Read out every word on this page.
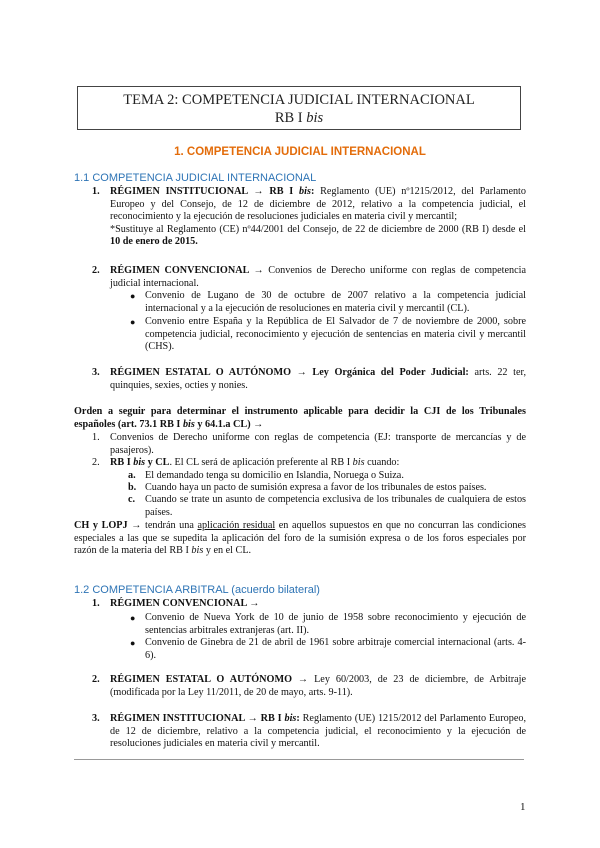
TEMA 2: COMPETENCIA JUDICIAL INTERNACIONAL
RB I bis
1. COMPETENCIA JUDICIAL INTERNACIONAL
1.1 COMPETENCIA JUDICIAL INTERNACIONAL
1. RÉGIMEN INSTITUCIONAL → RB I bis: Reglamento (UE) nº1215/2012, del Parlamento Europeo y del Consejo, de 12 de diciembre de 2012, relativo a la competencia judicial, el reconocimiento y la ejecución de resoluciones judiciales en materia civil y mercantil;
*Sustituye al Reglamento (CE) nº44/2001 del Consejo, de 22 de diciembre de 2000 (RB I) desde el 10 de enero de 2015.
2. RÉGIMEN CONVENCIONAL → Convenios de Derecho uniforme con reglas de competencia judicial internacional.
● Convenio de Lugano de 30 de octubre de 2007 relativo a la competencia judicial internacional y a la ejecución de resoluciones en materia civil y mercantil (CL).
● Convenio entre España y la República de El Salvador de 7 de noviembre de 2000, sobre competencia judicial, reconocimiento y ejecución de sentencias en materia civil y mercantil (CHS).
3. RÉGIMEN ESTATAL O AUTÓNOMO → Ley Orgánica del Poder Judicial: arts. 22 ter, quinquies, sexies, octies y nonies.
Orden a seguir para determinar el instrumento aplicable para decidir la CJI de los Tribunales españoles (art. 73.1 RB I bis y 64.1.a CL) →
1. Convenios de Derecho uniforme con reglas de competencia (EJ: transporte de mercancías y de pasajeros).
2. RB I bis y CL. El CL será de aplicación preferente al RB I bis cuando:
a. El demandado tenga su domicilio en Islandia, Noruega o Suiza.
b. Cuando haya un pacto de sumisión expresa a favor de los tribunales de estos países.
c. Cuando se trate un asunto de competencia exclusiva de los tribunales de cualquiera de estos países.
CH y LOPJ → tendrán una aplicación residual en aquellos supuestos en que no concurran las condiciones especiales a las que se supedita la aplicación del foro de la sumisión expresa o de los foros especiales por razón de la materia del RB I bis y en el CL.
1.2 COMPETENCIA ARBITRAL (acuerdo bilateral)
1. RÉGIMEN CONVENCIONAL →
● Convenio de Nueva York de 10 de junio de 1958 sobre reconocimiento y ejecución de sentencias arbitrales extranjeras (art. II).
● Convenio de Ginebra de 21 de abril de 1961 sobre arbitraje comercial internacional (arts. 4-6).
2. RÉGIMEN ESTATAL O AUTÓNOMO → Ley 60/2003, de 23 de diciembre, de Arbitraje (modificada por la Ley 11/2011, de 20 de mayo, arts. 9-11).
3. RÉGIMEN INSTITUCIONAL → RB I bis: Reglamento (UE) 1215/2012 del Parlamento Europeo, de 12 de diciembre, relativo a la competencia judicial, el reconocimiento y la ejecución de resoluciones judiciales en materia civil y mercantil.
1
